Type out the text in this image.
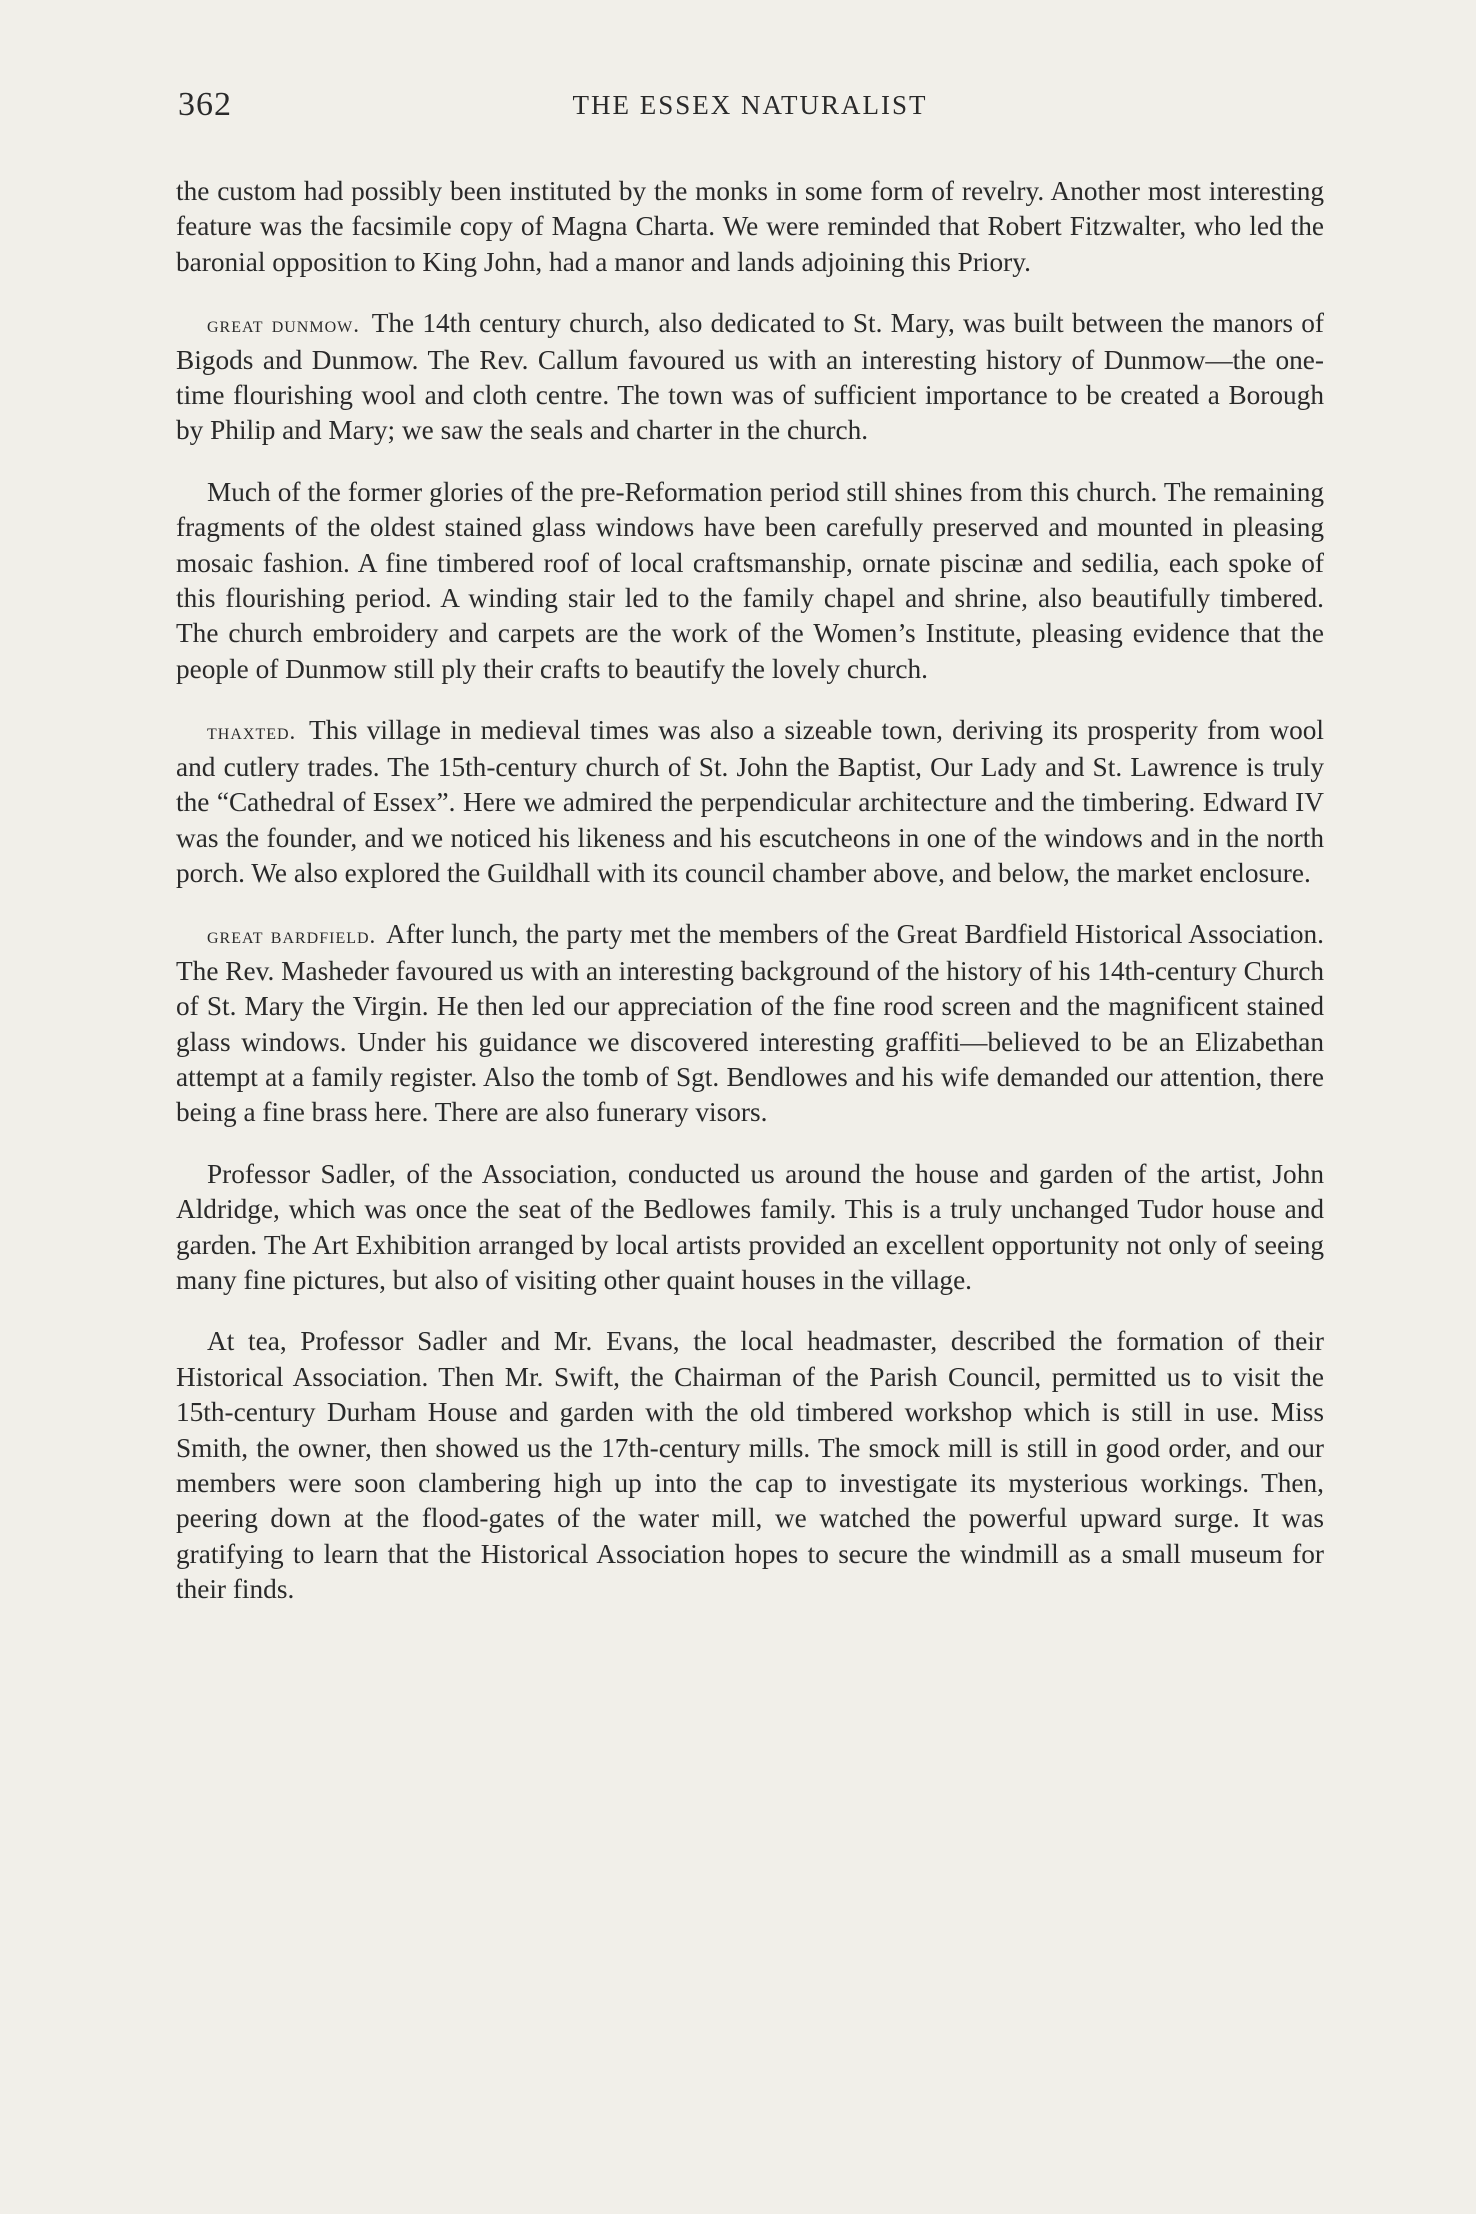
362	THE ESSEX NATURALIST

the custom had possibly been instituted by the monks in some form of revelry. Another most interesting feature was the facsimile copy of Magna Charta. We were reminded that Robert Fitzwalter, who led the baronial opposition to King John, had a manor and lands adjoining this Priory.

great dunmow. The 14th century church, also dedicated to St. Mary, was built between the manors of Bigods and Dunmow. The Rev. Callum favoured us with an interesting history of Dunmow—the one-time flourishing wool and cloth centre. The town was of sufficient importance to be created a Borough by Philip and Mary; we saw the seals and charter in the church.

Much of the former glories of the pre-Reformation period still shines from this church. The remaining fragments of the oldest stained glass windows have been carefully preserved and mounted in pleasing mosaic fashion. A fine timbered roof of local craftsmanship, ornate piscinæ and sedilia, each spoke of this flourishing period. A winding stair led to the family chapel and shrine, also beautifully timbered. The church embroidery and carpets are the work of the Women’s Institute, pleasing evidence that the people of Dunmow still ply their crafts to beautify the lovely church.

thaxted. This village in medieval times was also a sizeable town, deriving its prosperity from wool and cutlery trades. The 15th-century church of St. John the Baptist, Our Lady and St. Lawrence is truly the “Cathedral of Essex”. Here we admired the perpendicular architecture and the timbering. Edward IV was the founder, and we noticed his likeness and his escutcheons in one of the windows and in the north porch. We also explored the Guildhall with its council chamber above, and below, the market enclosure.

great bardfield. After lunch, the party met the members of the Great Bardfield Historical Association. The Rev. Masheder favoured us with an interesting background of the history of his 14th-century Church of St. Mary the Virgin. He then led our appreciation of the fine rood screen and the magnificent stained glass windows. Under his guidance we discovered interesting graffiti—believed to be an Elizabethan attempt at a family register. Also the tomb of Sgt. Bendlowes and his wife demanded our attention, there being a fine brass here. There are also funerary visors.

Professor Sadler, of the Association, conducted us around the house and garden of the artist, John Aldridge, which was once the seat of the Bedlowes family. This is a truly unchanged Tudor house and garden. The Art Exhibition arranged by local artists provided an excellent opportunity not only of seeing many fine pictures, but also of visiting other quaint houses in the village.

At tea, Professor Sadler and Mr. Evans, the local headmaster, described the formation of their Historical Association. Then Mr. Swift, the Chairman of the Parish Council, permitted us to visit the 15th-century Durham House and garden with the old timbered workshop which is still in use. Miss Smith, the owner, then showed us the 17th-century mills. The smock mill is still in good order, and our members were soon clambering high up into the cap to investigate its mysterious workings. Then, peering down at the flood-gates of the water mill, we watched the powerful upward surge. It was gratifying to learn that the Historical Association hopes to secure the windmill as a small museum for their finds.
